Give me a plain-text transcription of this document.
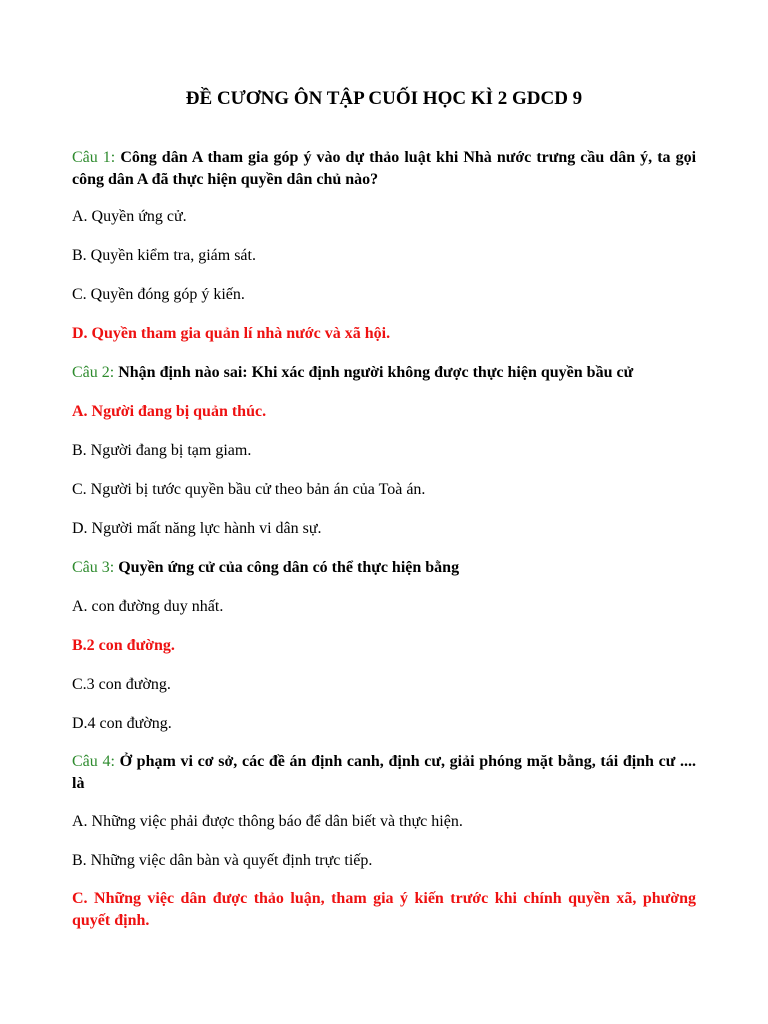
ĐỀ CƯƠNG ÔN TẬP CUỐI HỌC KÌ 2 GDCD 9
Câu 1: Công dân A tham gia góp ý vào dự thảo luật khi Nhà nước trưng cầu dân ý, ta gọi công dân A đã thực hiện quyền dân chủ nào?
A. Quyền ứng cử.
B. Quyền kiểm tra, giám sát.
C. Quyền đóng góp ý kiến.
D. Quyền tham gia quản lí nhà nước và xã hội.
Câu 2: Nhận định nào sai: Khi xác định người không được thực hiện quyền bầu cử
A. Người đang bị quản thúc.
B. Người đang bị tạm giam.
C. Người bị tước quyền bầu cử theo bản án của Toà án.
D. Người mất năng lực hành vi dân sự.
Câu 3: Quyền ứng cử của công dân có thể thực hiện bằng
A. con đường duy nhất.
B.2 con đường.
C.3 con đường.
D.4 con đường.
Câu 4: Ở phạm vi cơ sở, các đề án định canh, định cư, giải phóng mặt bằng, tái định cư .... là
A. Những việc phải được thông báo để dân biết và thực hiện.
B. Những việc dân bàn và quyết định trực tiếp.
C. Những việc dân được thảo luận, tham gia ý kiến trước khi chính quyền xã, phường quyết định.
